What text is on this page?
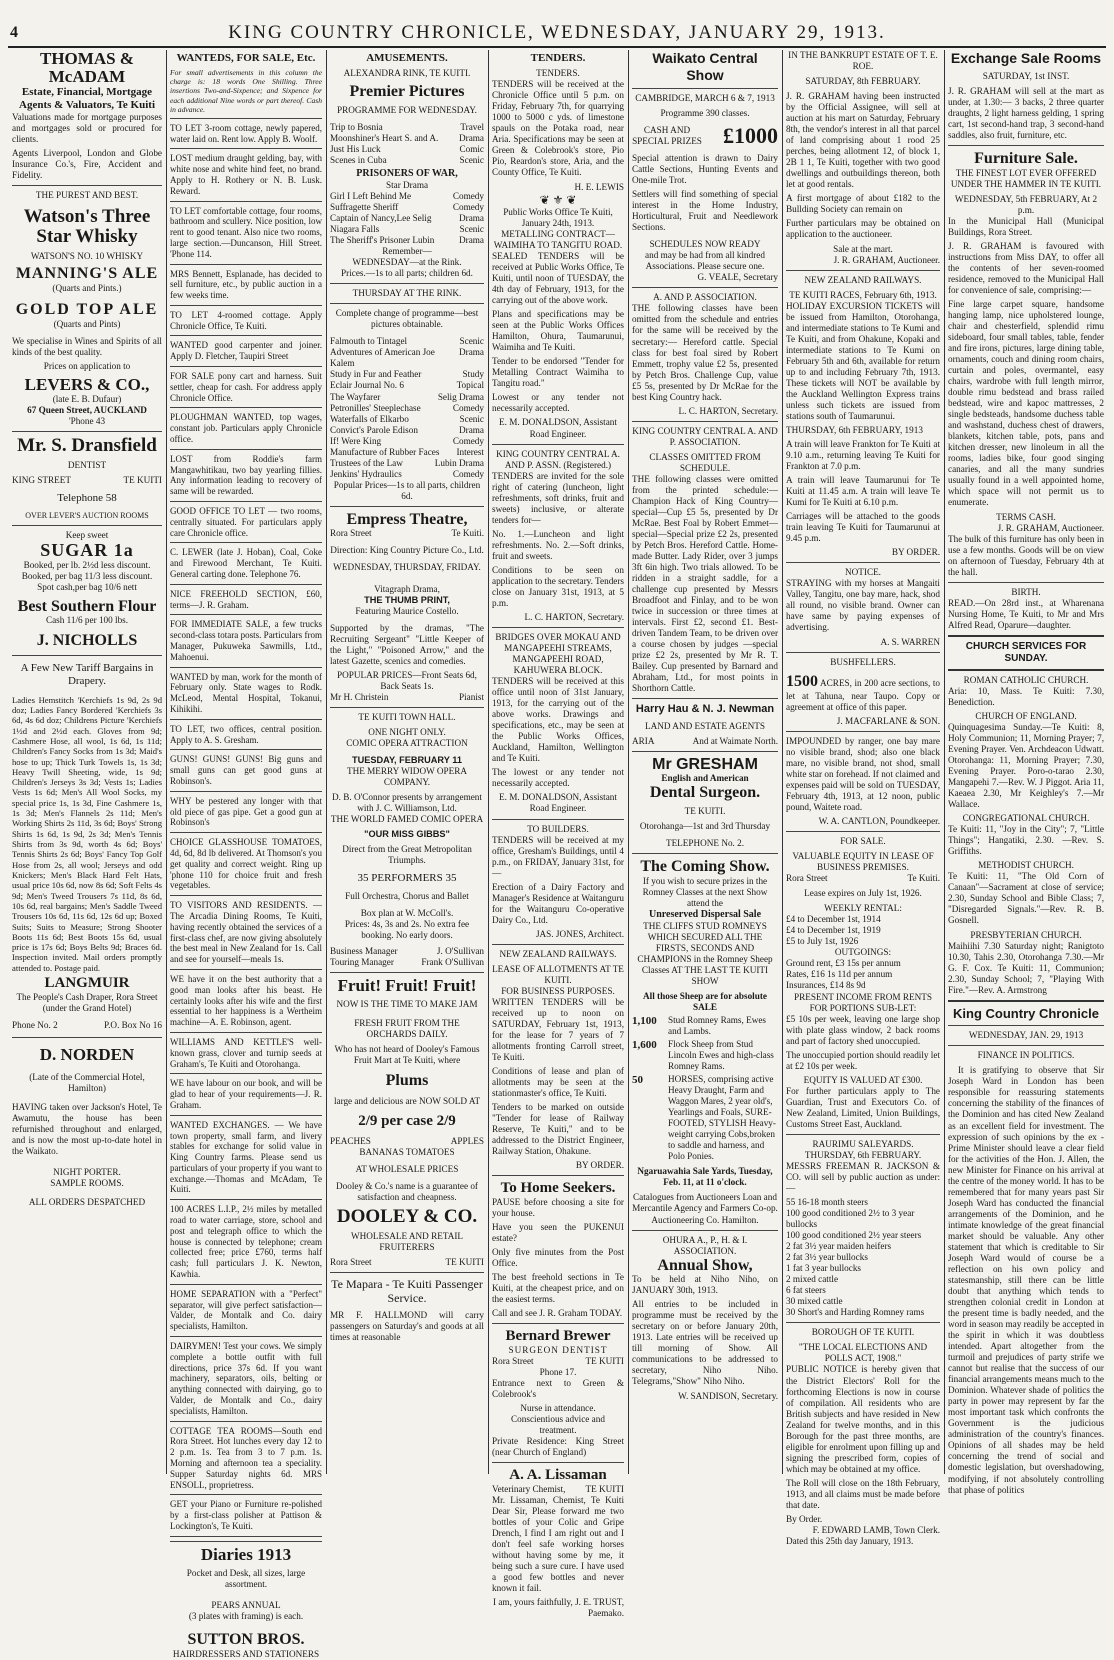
4	KING COUNTRY CHRONICLE, WEDNESDAY, JANUARY 29, 1913.
THOMAS & McADAM
Estate, Financial, Mortgage Agents & Valuators, Te Kuiti
Valuations made for mortgage purposes and mortgages sold or procured for clients.
Agents Liverpool, London and Globe Insurance Co.'s, Fire, Accident and Fidelity.
THE PUREST AND BEST.
Watson's Three Star Whisky
WATSON'S NO. 10 WHISKY
MANNING'S ALE
(Quarts and Pints.)
GOLD TOP ALE
(Quarts and Pints)
We specialise in Wines and Spirits of all kinds of the best quality.
Prices on application to
LEVERS & CO.,
(late E. B. Dufaur)
67 Queen Street, AUCKLAND
'Phone 43
Mr. S. Dransfield
DENTIST
KING STREET	TE KUITI
Telephone 58
OVER LEVER'S AUCTION ROOMS
Keep sweet
SUGAR 1a
Booked, per lb. 2½d less discount.
Booked, per bag 11/3 less discount.
Spot cash,per bag 10/6 nett
Best Southern Flour
Cash 11/6 per 100 lbs.
J. NICHOLLS
A Few New Tariff Bargains in Drapery.
Ladies Hemstitch 'Kerchiefs 1s 9d, 2s 9d doz; Ladies Fancy Bordered 'Kerchiefs 3s 6d, 4s 6d doz; Childrens Picture 'Kerchiefs 1½d and 2½d each. Gloves from 9d; Cashmere Hose, all wool, 1s 6d, 1s 11d; Children's Fancy Socks from 1s 3d; Maid's hose to up; Thick Turk Towels 1s, 1s 3d; Heavy Twill Sheeting, wide, 1s 9d; Children's Jerseys 3s 3d; Vests 1s; Ladies Vests 1s 6d; Men's All Wool Socks, my special price 1s, 1s 3d, Fine Cashmere 1s, 1s 3d; Men's Flannels 2s 11d; Men's Working Shirts 2s 11d, 3s 6d; Boys' Strong Shirts 1s 6d, 1s 9d, 2s 3d; Men's Tennis Shirts from 3s 9d, worth 4s 6d; Boys' Tennis Shirts 2s 6d; Boys' Fancy Top Golf Hose from 2s, all wool; Jerseys and odd Knickers; Men's Black Hard Felt Hats, usual price 10s 6d, now 8s 6d; Soft Felts 4s 9d; Men's Tweed Trousers 7s 11d, 8s 6d, 10s 6d, real bargains; Men's Saddle Tweed Trousers 10s 6d, 11s 6d, 12s 6d up; Boxed Suits; Suits to Measure; Strong Shooter Boots 11s 6d; Best Boots 15s 6d, usual price is 17s 6d; Boys Belts 9d; Braces 6d. Inspection invited. Mail orders promptly attended to. Postage paid.
LANGMUIR
The People's Cash Draper, Rora Street (under the Grand Hotel)
Phone No. 2	P.O. Box No 16
D. NORDEN
(Late of the Commercial Hotel, Hamilton)
HAVING taken over Jackson's Hotel, Te Awamutu, the house has been refurnished throughout and enlarged, and is now the most up-to-date hotel in the Waikato.
NIGHT PORTER.
SAMPLE ROOMS.
ALL ORDERS DESPATCHED
WANTEDS, FOR SALE, Etc.
For small advertisements in this column the charge is: 18 words One Shilling. Three insertions Two-and-Sixpence; and Sixpence for each additional Nine words or part thereof. Cash in advance.
TO LET 3-room cottage, newly papered, water laid on. Rent low. Apply B. Woolf.
LOST medium draught gelding, bay, with white nose and white hind feet, no brand. Apply to H. Rothery or N. B. Lusk. Reward.
TO LET comfortable cottage, four rooms, bathroom and scullery. Nice position, low rent to good tenant. Also nice two rooms, large section.—Duncanson, Hill Street. 'Phone 114.
MRS Bennett, Esplanade, has decided to sell furniture, etc., by public auction in a few weeks time.
TO LET 4-roomed cottage. Apply Chronicle Office, Te Kuiti.
WANTED good carpenter and joiner. Apply D. Fletcher, Taupiri Street
FOR SALE pony cart and harness. Suit settler, cheap for cash. For address apply Chronicle Office.
PLOUGHMAN WANTED, top wages, constant job. Particulars apply Chronicle office.
LOST from Roddie's farm Mangawhitikau, two bay yearling fillies. Any information leading to recovery of same will be rewarded.
GOOD OFFICE TO LET — two rooms, centrally situated. For particulars apply care Chronicle office.
C. LEWER (late J. Hoban), Coal, Coke and Firewood Merchant, Te Kuiti. General carting done. Telephone 76.
NICE FREEHOLD SECTION, £60, terms—J. R. Graham.
FOR IMMEDIATE SALE, a few trucks second-class totara posts. Particulars from Manager, Pukuweka Sawmills, Ltd., Mahoenui.
WANTED by man, work for the month of February only. State wages to Rodk. McLeod, Mental Hospital, Tokanui, Kihikihi.
TO LET, two offices, central position. Apply to A. S. Gresham.
GUNS! GUNS! GUNS! Big guns and small guns can get good guns at Robinson's.
WHY be pestered any longer with that old piece of gas pipe. Get a good gun at Robinson's
CHOICE GLASSHOUSE TOMATOES, 4d, 6d, 8d lb delivered. At Thomson's you get quality and correct weight. Ring up 'phone 110 for choice fruit and fresh vegetables.
TO VISITORS AND RESIDENTS. —The Arcadia Dining Rooms, Te Kuiti, having recently obtained the services of a first-class chef, are now giving absolutely the best meal in New Zealand for 1s. Call and see for yourself—meals 1s.
WE have it on the best authority that a good man looks after his beast. He certainly looks after his wife and the first essential to her happiness is a Wertheim machine—A. E. Robinson, agent.
WILLIAMS AND KETTLE'S well-known grass, clover and turnip seeds at Graham's, Te Kuiti and Otorohanga.
WE have labour on our book, and will be glad to hear of your requirements—J. R. Graham.
WANTED EXCHANGES. — We have town property, small farm, and livery stables for exchange for solid value in King Country farms. Please send us particulars of your property if you want to exchange.—Thomas and McAdam, Te Kuiti.
100 ACRES L.I.P., 2½ miles by metalled road to water carriage, store, school and post and telegraph office to which the house is connected by telephone; cream collected free; price £760, terms half cash; full particulars J. K. Newton, Kawhia.
HOME SEPARATION with a "Perfect" separator, will give perfect satisfaction—Valder, de Montalk and Co. dairy specialists, Hamilton.
DAIRYMEN! Test your cows. We simply complete a bottle outfit with full directions, price 37s 6d. If you want machinery, separators, oils, belting or anything connected with dairying, go to Valder, de Montalk and Co., dairy specialists, Hamilton.
COTTAGE TEA ROOMS—South end Rora Street. Hot lunches every day 12 to 2 p.m. 1s. Tea from 3 to 7 p.m. 1s. Morning and afternoon tea a speciality. Supper Saturday nights 6d. MRS ENSOLL, proprietress.
GET your Piano or Furniture re-polished by a first-class polisher at Pattison & Lockington's, Te Kuiti.
Diaries 1913
Pocket and Desk, all sizes, large assortment.
PEARS ANNUAL
(3 plates with framing) is each.
SUTTON BROS.
HAIRDRESSERS AND STATIONERS
AMUSEMENTS.
ALEXANDRA RINK, TE KUITI.
Premier Pictures
PROGRAMME FOR WEDNESDAY.
Trip to Bosnia	Travel
Moonshiner's Heart S. and A.	Drama
Just His Luck	Comic
Scenes in Cuba	Scenic
PRISONERS OF WAR,
Star Drama
Girl I Left Behind Me	Comedy
Suffragette Sheriff	Comedy
Captain of Nancy,Lee Selig	Drama
Niagara Falls	Scenic
The Sheriff's Prisoner Lubin	Drama
Remember—
WEDNESDAY—at the Rink.
Prices.—1s to all parts; children 6d.
THURSDAY AT THE RINK.
Complete change of programme—best pictures obtainable.
Falmouth to Tintagel	Scenic
Adventures of American Joe Kalem
Drama
Study in Fur and Feather	Study
Eclair Journal No. 6	Topical
The Wayfarer	Selig Drama
Petronilles' Steeplechase	Comedy
Waterfalls of Elkarbo	Scenic
Convict's Parole Edison	Drama
If! Were King	Comedy
Manufacture of Rubber Faces	Interest
Trustees of the Law	Lubin Drama
Jenkins' Hydraulics	Comedy
Popular Prices—1s to all parts, children 6d.
Empress Theatre,
Rora Street	Te Kuiti.
Direction: King Country Picture Co., Ltd.
WEDNESDAY, THURSDAY, FRIDAY.
Vitagraph Drama,
THE THUMB PRINT,
Featuring Maurice Costello.
Supported by the dramas, "The Recruiting Sergeant" "Little Keeper of the Light," "Poisoned Arrow," and the latest Gazette, scenics and comedies.
POPULAR PRICES—Front Seats 6d, Back Seats 1s.
Mr H. Christein	Pianist
TE KUITI TOWN HALL.
ONE NIGHT ONLY.
COMIC OPERA ATTRACTION
TUESDAY, FEBRUARY 11
THE MERRY WIDOW OPERA COMPANY.
D. B. O'Connor presents by arrangement with J. C. Williamson, Ltd.
THE WORLD FAMED COMIC OPERA
"OUR MISS GIBBS"
Direct from the Great Metropolitan Triumphs.
35 PERFORMERS 35
Full Orchestra, Chorus and Ballet
Box plan at W. McColl's.
Prices: 4s, 3s and 2s. No extra fee booking. No early doors.
Business Manager	J. O'Sullivan
Touring Manager	Frank O'Sullivan
Fruit! Fruit! Fruit!
NOW IS THE TIME TO MAKE JAM
FRESH FRUIT FROM THE ORCHARDS DAILY.
Who has not heard of Dooley's Famous Fruit Mart at Te Kuiti, where
Plums
large and delicious are NOW SOLD AT
2/9 per case 2/9
PEACHES	APPLES
BANANAS TOMATOES
AT WHOLESALE PRICES
Dooley & Co.'s name is a guarantee of satisfaction and cheapness.
DOOLEY & CO.
WHOLESALE AND RETAIL FRUITERERS
Rora Street	TE KUITI
Te Mapara - Te Kuiti Passenger Service.
MR F. HALLMOND will carry passengers on Saturday's and goods at all times at reasonable
TENDERS.
TENDERS.
TENDERS will be received at the Chronicle Office until 5 p.m. on Friday, February 7th, for quarrying 1000 to 5000 c yds. of limestone spauls on the Potaka road, near Aria. Specifications may be seen at Green & Colebrook's store, Pio Pio, Reardon's store, Aria, and the County Office, Te Kuiti.
H. E. LEWIS
❦ ⚜ ❦
Public Works Office Te Kuiti, January 24th, 1913.
METALLING CONTRACT—WAIMIHA TO TANGITU ROAD.
SEALED TENDERS will be received at Public Works Office, Te Kuiti, until noon of TUESDAY, the 4th day of February, 1913, for the carrying out of the above work.
Plans and specifications may be seen at the Public Works Offices Hamilton, Ohura, Taumarunui, Waimiha and Te Kuiti.
Tender to be endorsed "Tender for Metalling Contract Waimiha to Tangitu road."
Lowest or any tender not necessarily accepted.
E. M. DONALDSON, Assistant Road Engineer.
KING COUNTRY CENTRAL A. AND P. ASSN. (Registered.)
TENDERS are invited for the sole right of catering (luncheon, light refreshments, soft drinks, fruit and sweets) inclusive, or alterate tenders for—
No. 1.—Luncheon and light refreshments. No. 2.—Soft drinks, fruit and sweets.
Conditions to be seen on application to the secretary. Tenders close on January 31st, 1913, at 5 p.m.
L. C. HARTON, Secretary.
BRIDGES OVER MOKAU AND MANGAPEEHI STREAMS, MANGAPEEHI ROAD, KAHUWERA BLOCK.
TENDERS will be received at this office until noon of 31st January, 1913, for the carrying out of the above works. Drawings and specifications, etc., may be seen at the Public Works Offices, Auckland, Hamilton, Wellington and Te Kuiti.
The lowest or any tender not necessarily accepted.
E. M. DONALDSON, Assistant Road Engineer.
TO BUILDERS.
TENDERS will be received at my office, Gresham's Buildings, until 4 p.m., on FRIDAY, January 31st, for—
Erection of a Dairy Factory and Manager's Residence at Waitanguru for the Waitanguru Co-operative Dairy Co., Ltd.
JAS. JONES, Architect.
NEW ZEALAND RAILWAYS.
LEASE OF ALLOTMENTS AT TE KUITI.
FOR BUSINESS PURPOSES.
WRITTEN TENDERS will be received up to noon on SATURDAY, February 1st, 1913, for the lease for 7 years of 7 allotments fronting Carroll street, Te Kuiti.
Conditions of lease and plan of allotments may be seen at the stationmaster's office, Te Kuiti.
Tenders to be marked on outside "Tender for lease of Railway Reserve, Te Kuiti," and to be addressed to the District Engineer, Railway Station, Ohakune.
BY ORDER.
To Home Seekers.
PAUSE before choosing a site for your house.
Have you seen the PUKENUI estate?
Only five minutes from the Post Office.
The best freehold sections in Te Kuiti, at the cheapest price, and on the easiest terms.
Call and see J. R. Graham TODAY.
Bernard Brewer
SURGEON DENTIST
Rora Street	TE KUITI
Phone 17.
Entrance next to Green & Colebrook's
Nurse in attendance.
Conscientious advice and treatment.
Private Residence: King Street (near Church of England)
A. A. Lissaman
Veterinary Chemist, TE KUITI
Mr. Lissaman, Chemist, Te Kuiti Dear Sir, Please forward me two bottles of your Colic and Gripe Drench, I find I am right out and I don't feel safe working horses without having some by me, it being such a sure cure. I have used a good few bottles and never known it fail.
I am, yours faithfully, J. E. TRUST, Paemako.
Waikato Central Show
CAMBRIDGE, MARCH 6 & 7, 1913
Programme 390 classes.
CASH AND SPECIAL PRIZES £1000
Special attention is drawn to Dairy Cattle Sections, Hunting Events and One-mile Trot.
Settlers will find something of special interest in the Home Industry, Horticultural, Fruit and Needlework Sections.
SCHEDULES NOW READY
and may be had from all kindred Associations. Please secure one.
G. VEALE, Secretary
A. AND P. ASSOCIATION.
THE following classes have been omitted from the schedule and entries for the same will be received by the secretary:— Hereford cattle. Special class for best foal sired by Robert Emmett, trophy value £2 5s, presented by Petch Bros. Challenge Cup, value £5 5s, presented by Dr McRae for the best King Country hack.
L. C. HARTON, Secretary.
KING COUNTRY CENTRAL A. AND P. ASSOCIATION.
CLASSES OMITTED FROM SCHEDULE.
THE following classes were omitted from the printed schedule:— Champion Hack of King Country—special—Cup £5 5s, presented by Dr McRae. Best Foal by Robert Emmet—special—Special prize £2 2s, presented by Petch Bros. Hereford Cattle. Home-made Butter. Lady Rider, over 3 jumps 3ft 6in high. Two trials allowed. To be ridden in a straight saddle, for a challenge cup presented by Messrs Broadfoot and Finlay, and to be won twice in succession or three times at intervals. First £2, second £1. Best-driven Tandem Team, to be driven over a course chosen by judges —special prize £2 2s, presented by Mr R. T. Bailey. Cup presented by Barnard and Abraham, Ltd., for most points in Shorthorn Cattle.
Harry Hau & N. J. Newman
LAND AND ESTATE AGENTS
ARIA	And at Waimate North.
Mr GRESHAM
English and American
Dental Surgeon.
TE KUITI.
Otorohanga—1st and 3rd Thursday
TELEPHONE No. 2.
The Coming Show.
If you wish to secure prizes in the Romney Classes at the next Show attend the
Unreserved Dispersal Sale
THE CLIFFS STUD ROMNEYS WHICH SECURED ALL THE FIRSTS, SECONDS AND CHAMPIONS in the Romney Sheep Classes AT THE LAST TE KUITI SHOW
All those Sheep are for absolute SALE
1,100	Stud Romney Rams, Ewes and Lambs.
1,600	Flock Sheep from Stud Lincoln Ewes and high-class Romney Rams.
50	HORSES, comprising active Heavy Draught, Farm and Waggon Mares, 2 year old's, Yearlings and Foals, SURE-FOOTED, STYLISH Heavy-weight carrying Cobs,broken to saddle and harness, and Polo Ponies.
Ngaruawahia Sale Yards, Tuesday, Feb. 11, at 11 o'clock.
Catalogues from Auctioneers Loan and Mercantile Agency and Farmers Co-op. Auctioneering Co. Hamilton.
OHURA A., P., H. & I. ASSOCIATION.
Annual Show,
To be held at Niho Niho, on JANUARY 30th, 1913.
All entries to be included in programme must be received by the secretary on or before January 20th, 1913. Late entries will be received up till morning of Show. All communications to be addressed to secretary, Niho Niho. Telegrams,"Show" Niho Niho.
W. SANDISON, Secretary.
IN THE BANKRUPT ESTATE OF T. E. ROE.
SATURDAY, 8th FEBRUARY.
J. R. GRAHAM having been instructed by the Official Assignee, will sell at auction at his mart on Saturday, February 8th, the vendor's interest in all that parcel of land comprising about 1 rood 25 perches, being allotment 12, of block 1, 2B 1 1, Te Kuiti, together with two good dwellings and outbuildings thereon, both let at good rentals.
A first mortgage of about £182 to the Bullding Society can remain on
Further particulars may be obtained on application to the auctioneer.
Sale at the mart.
J. R. GRAHAM, Auctioneer.
NEW ZEALAND RAILWAYS.
TE KUITI RACES, February 6th, 1913.
HOLIDAY EXCURSION TICKETS will be issued from Hamilton, Otorohanga, and intermediate stations to Te Kumi and Te Kuiti, and from Ohakune, Kopaki and intermediate stations to Te Kumi on February 5th and 6th, available for return up to and including February 7th, 1913. These tickets will NOT be available by the Auckland Wellington Express trains unless such tickets are issued from stations south of Taumarunui.
THURSDAY, 6th FEBRUARY, 1913
A train will leave Frankton for Te Kuiti at 9.10 a.m., returning leaving Te Kuiti for Frankton at 7.0 p.m.
A train will leave Taumarunui for Te Kuiti at 11.45 a.m. A train will leave Te Kumi for Te Kuiti at 6.10 p.m.
Carriages will be attached to the goods train leaving Te Kuiti for Taumarunui at 9.45 p.m.
BY ORDER.
NOTICE.
STRAYING with my horses at Mangaiti Valley, Tangitu, one bay mare, hack, shod all round, no visible brand. Owner can have same by paying expenses of advertising.
A. S. WARREN
BUSHFELLERS.
1500 ACRES, in 200 acre sections, to let at Tahuna, near Taupo. Copy or agreement at office of this paper.
J. MACFARLANE & SON.
IMPOUNDED by ranger, one bay mare no visible brand, shod; also one black mare, no visible brand, not shod, small white star on forehead. If not claimed and expenses paid will be sold on TUESDAY, February 4th, 1913, at 12 noon, public pound, Waitete road.
W. A. CANTLON, Poundkeeper.
FOR SALE.
VALUABLE EQUITY IN LEASE OF BUSINESS PREMISES.
Rora Street	Te Kuiti.
Lease expires on July 1st, 1926.
WEEKLY RENTAL:
£4 to December 1st, 1914
£4 to December 1st, 1919
£5 to July 1st, 1926
OUTGOINGS:
Ground rent, £3 15s per annum
Rates, £16 1s 11d per annum
Insurances, £14 8s 9d
PRESENT INCOME FROM RENTS FOR PORTIONS SUB-LET:
£5 10s per week, leaving one large shop with plate glass window, 2 back rooms and part of factory shed unoccupied.
The unoccupied portion should readily let at £2 10s per week.
EQUITY IS VALUED AT £300.
For further particulars apply to The Guardian, Trust and Executors Co. of New Zealand, Limited, Union Buildings, Customs Street East, Auckland.
RAURIMU SALEYARDS.
THURSDAY, 6th FEBRUARY.
MESSRS FREEMAN R. JACKSON & CO. will sell by public auction as under:—
55 16-18 month steers
100 good conditioned 2½ to 3 year bullocks
100 good conditioned 2½ year steers
2 fat 3½ year maiden heifers
2 fat 3½ year bullocks
1 fat 3 year bullocks
2 mixed cattle
6 fat steers
30 mixed cattle
30 Short's and Harding Romney rams
BOROUGH OF TE KUITI.
"THE LOCAL ELECTIONS AND POLLS ACT, 1908."
PUBLIC NOTICE is hereby given that the District Electors' Roll for the forthcoming Elections is now in course of compilation. All residents who are British subjects and have resided in New Zealand for twelve months, and in this Borough for the past three months, are eligible for enrolment upon filling up and signing the prescribed form, copies of which may be obtained at my office.
The Roll will close on the 18th February, 1913, and all claims must be made before that date.
By Order.
F. EDWARD LAMB, Town Clerk.
Dated this 25th day January, 1913.
Exchange Sale Rooms
SATURDAY, 1st INST.
J. R. GRAHAM will sell at the mart as under, at 1.30:— 3 backs, 2 three quarter draughts, 2 light harness gelding, 1 spring cart, 1st second-hand trap, 3 second-hand saddles, also fruit, furniture, etc.
Furniture Sale.
THE FINEST LOT EVER OFFERED UNDER THE HAMMER IN TE KUITI.
WEDNESDAY, 5th FEBRUARY, At 2 p.m.
In the Municipal Hall (Municipal Buildings, Rora Street.
J. R. GRAHAM is favoured with instructions from Miss DAY, to offer all the contents of her seven-roomed residence, removed to the Municipal Hall for convenience of sale, comprising:—
Fine large carpet square, handsome hanging lamp, nice upholstered lounge, chair and chesterfield, splendid rimu sideboard, four small tables, table, fender and fire irons, pictures, large dining table, ornaments, couch and dining room chairs, curtain and poles, overmantel, easy chairs, wardrobe with full length mirror, double rimu bedstead and brass railed bedstead, wire and kapoc mattresses, 2 single bedsteads, handsome duchess table and washstand, duchess chest of drawers, blankets, kitchen table, pots, pans and kitchen dresser, new linoleum in all the rooms, ladies bike, four good singing canaries, and all the many sundries usually found in a well appointed home, which space will not permit us to enumerate.
TERMS CASH.
J. R. GRAHAM, Auctioneer.
The bulk of this furniture has only been in use a few months. Goods will be on view on afternoon of Tuesday, February 4th at the hall.
BIRTH.
READ.—On 28rd inst., at Wharenana Nursing Home, Te Kuiti, to Mr and Mrs Alfred Read, Oparure—daughter.
CHURCH SERVICES FOR SUNDAY.
ROMAN CATHOLIC CHURCH.
Aria: 10, Mass. Te Kuiti: 7.30, Benediction.
CHURCH OF ENGLAND.
Quinquagesima Sunday.—Te Kuiti: 8, Holy Communion; 11, Morning Prayer; 7, Evening Prayer. Ven. Archdeacon Udwatt. Otorohanga: 11, Morning Prayer; 7.30, Evening Prayer. Poro-o-tarao 2.30, Mangapehi 7.—Rev. W. J Piggot. Aria 11, Kaeaea 2.30, Mr Keighley's 7.—Mr Wallace.
CONGREGATIONAL CHURCH.
Te Kuiti: 11, "Joy in the City"; 7, "Little Things"; Hangatiki, 2.30. —Rev. S. Griffiths.
METHODIST CHURCH.
Te Kuiti: 11, "The Old Corn of Canaan"—Sacrament at close of service; 2.30, Sunday School and Bible Class; 7, "Disregarded Signals."—Rev. R. B. Gosnell.
PRESBYTERIAN CHURCH.
Maihiihi 7.30 Saturday night; Ranigtoto 10.30, Tahis 2.30, Otorohanga 7.30.—Mr G. F. Cox. Te Kuiti: 11, Communion; 2.30, Sunday School; 7, "Playing With Fire."—Rev. A. Armstrong
King Country Chronicle
WEDNESDAY, JAN. 29, 1913
FINANCE IN POLITICS.
It is gratifying to observe that Sir Joseph Ward in London has been responsible for reassuring statements concerning the stability of the finances of the Dominion and has cited New Zealand as an excellent field for investment. The expression of such opinions by the ex - Prime Minister should leave a clear field for the activities of the Hon. J. Allen, the new Minister for Finance on his arrival at the centre of the money world. It has to be remembered that for many years past Sir Joseph Ward has conducted the financial arrangements of the Dominion, and he intimate knowledge of the great financial market should be valuable. Any other statement that which is creditable to Sir Joseph Ward would of course be a reflection on his own policy and statesmanship, still there can be little doubt that anything which tends to strengthen colonial credit in London at the present time is badly needed, and the word in season may readily be accepted in the spirit in which it was doubtless intended. Apart altogether from the turmoil and prejudices of party strife we cannot but realise that the success of our financial arrangements means much to the Dominion. Whatever shade of politics the party in power may represent by far the most important task which confronts the Government is the judicious administration of the country's finances. Opinions of all shades may be held concerning the trend of social and domestic legislation, but overshadowing, modifying, if not absolutely controlling that phase of politics
